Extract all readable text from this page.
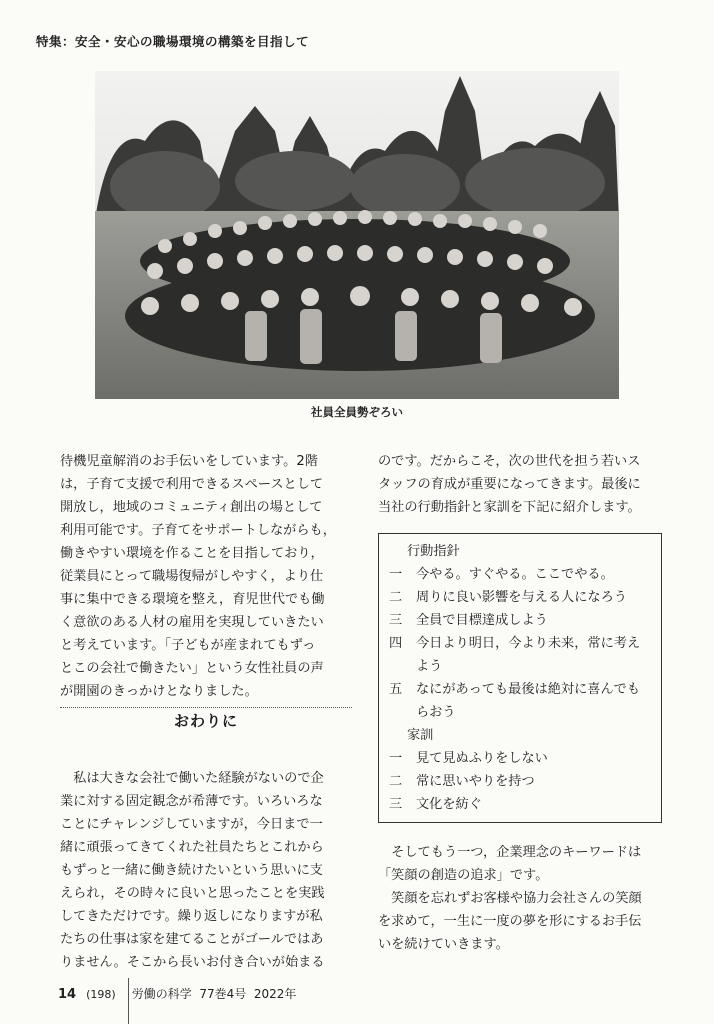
特集：安全・安心の職場環境の構築を目指して
社員全員勢ぞろい

待機児童解消のお手伝いをしています。2階
は，子育て支援で利用できるスペースとして
開放し，地域のコミュニティ創出の場として
利用可能です。子育てをサポートしながらも，
働きやすい環境を作ることを目指しており，
従業員にとって職場復帰がしやすく，より仕
事に集中できる環境を整え，育児世代でも働
く意欲のある人材の雇用を実現していきたい
と考えています。「子どもが産まれてもずっ
とこの会社で働きたい」という女性社員の声
が開園のきっかけとなりました。

おわりに

　私は大きな会社で働いた経験がないので企
業に対する固定観念が希薄です。いろいろな
ことにチャレンジしていますが，今日まで一
緒に頑張ってきてくれた社員たちとこれから
もずっと一緒に働き続けたいという思いに支
えられ，その時々に良いと思ったことを実践
してきただけです。繰り返しになりますが私
たちの仕事は家を建てることがゴールではあ
りません。そこから長いお付き合いが始まる

のです。だからこそ，次の世代を担う若いス
タッフの育成が重要になってきます。最後に
当社の行動指針と家訓を下記に紹介します。

行動指針
一	今やる。すぐやる。ここでやる。
二	周りに良い影響を与える人になろう
三	全員で目標達成しよう
四	今日より明日，今より未来，常に考えよう
五	なにがあっても最後は絶対に喜んでもらおう
家訓
一	見て見ぬふりをしない
二	常に思いやりを持つ
三	文化を紡ぐ

　そしてもう一つ，企業理念のキーワードは
「笑顔の創造の追求」です。
　笑顔を忘れずお客様や協力会社さんの笑顔
を求めて，一生に一度の夢を形にするお手伝
いを続けていきます。

14 (198) 労働の科学 77巻4号 2022年
